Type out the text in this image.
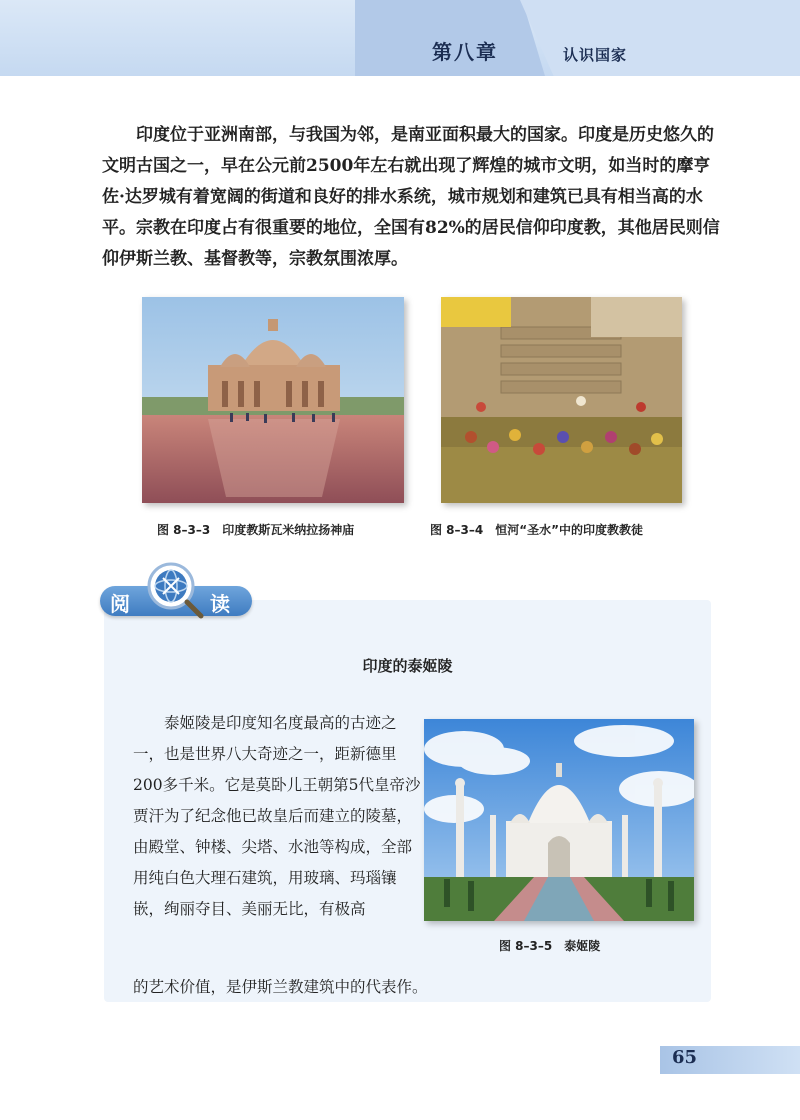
第八章	认识国家

印度位于亚洲南部，与我国为邻，是南亚面积最大的国家。印度是历史悠久的文明古国之一，早在公元前2500年左右就出现了辉煌的城市文明，如当时的摩亨佐·达罗城有着宽阔的街道和良好的排水系统，城市规划和建筑已具有相当高的水平。宗教在印度占有很重要的地位，全国有82%的居民信仰印度教，其他居民则信仰伊斯兰教、基督教等，宗教氛围浓厚。

图 8–3–3　印度教斯瓦米纳拉扬神庙	图 8–3–4　恒河“圣水”中的印度教教徒
阅	读
印度的泰姬陵

泰姬陵是印度知名度最高的古迹之一，也是世界八大奇迹之一，距新德里200多千米。它是莫卧儿王朝第5代皇帝沙贾汗为了纪念他已故皇后而建立的陵墓，由殿堂、钟楼、尖塔、水池等构成，全部用纯白色大理石建筑，用玻璃、玛瑙镶嵌，绚丽夺目、美丽无比，有极高

的艺术价值，是伊斯兰教建筑中的代表作。

图 8–3–5　泰姬陵
65
